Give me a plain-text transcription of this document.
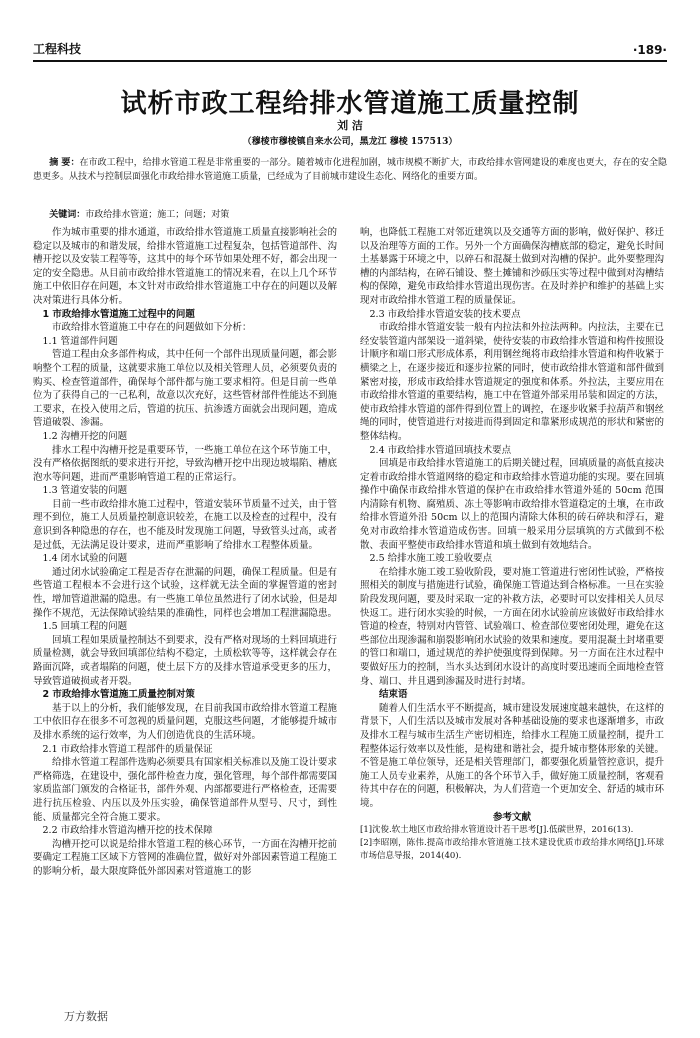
工程科技	·189·
试析市政工程给排水管道施工质量控制
刘 洁
（穆棱市穆棱镇自来水公司，黑龙江 穆棱 157513）
摘 要：在市政工程中，给排水管道工程是非常重要的一部分。随着城市化进程加剧，城市规模不断扩大，市政给排水管网建设的难度也更大，存在的安全隐患更多。从技术与控制层面强化市政给排水管道施工质量，已经成为了目前城市建设生态化、网络化的重要方面。
关键词：市政给排水管道；施工；问题；对策

作为城市重要的排水通道，市政给排水管道施工质量直接影响社会的稳定以及城市的和谐发展，给排水管道施工过程复杂，包括管道部件、沟槽开挖以及安装工程等等，这其中的每个环节如果处理不好，都会出现一定的安全隐患。从目前市政给排水管道施工的情况来看，在以上几个环节施工中依旧存在问题，本文针对市政给排水管道施工中存在的问题以及解决对策进行具体分析。

1 市政给排水管道施工过程中的问题

市政给排水管道施工中存在的问题做如下分析：

1.1 管道部件问题

管道工程由众多部件构成，其中任何一个部件出现质量问题，都会影响整个工程的质量，这就要求施工单位以及相关管理人员，必须要负责的购买、检查管道部件，确保每个部件都与施工要求相符。但是目前一些单位为了获得自己的一己私利，故意以次充好，这些管材部件性能达不到施工要求，在投入使用之后，管道的抗压、抗渗透方面就会出现问题，造成管道破裂、渗漏。

1.2 沟槽开挖的问题

排水工程中沟槽开挖是重要环节，一些施工单位在这个环节施工中，没有严格依据图纸的要求进行开挖，导致沟槽开挖中出现边坡塌陷、槽底泡水等问题，进而严重影响管道工程的正常运行。

1.3 管道安装的问题

目前一些市政给排水施工过程中，管道安装环节质量不过关，由于管理不到位，施工人员质量控制意识较差，在施工以及检查的过程中，没有意识到各种隐患的存在，也不能及时发现施工问题，导致管头过高，或者是过低，无法满足设计要求，进而严重影响了给排水工程整体质量。

1.4 闭水试验的问题

通过闭水试验确定工程是否存在泄漏的问题，确保工程质量。但是有些管道工程根本不会进行这个试验，这样就无法全面的掌握管道的密封性，增加管道泄漏的隐患。有一些施工单位虽然进行了闭水试验，但是却操作不规范，无法保障试验结果的准确性，同样也会增加工程泄漏隐患。

1.5 回填工程的问题

回填工程如果质量控制达不到要求，没有严格对现场的土料回填进行质量检测，就会导致回填部位结构不稳定，土质松软等等，这样就会存在路面沉降，或者塌陷的问题，使土层下方的及排水管道承受更多的压力，导致管道破损或者开裂。

2 市政给排水管道施工质量控制对策

基于以上的分析，我们能够发现，在目前我国市政给排水管道工程施工中依旧存在很多不可忽视的质量问题，克服这些问题，才能够提升城市及排水系统的运行效率，为人们创造优良的生活环境。

2.1 市政给排水管道工程部件的质量保证

给排水管道工程部件选购必须要具有国家相关标准以及施工设计要求严格筛选，在建设中，强化部件检查力度，强化管理，每个部件都需要国家质监部门颁发的合格证书，部件外观、内部都要进行严格检查，还需要进行抗压检验、内压以及外压实验，确保管道部件从型号、尺寸，到性能、质量都完全符合施工要求。

2.2 市政给排水管道沟槽开挖的技术保障

沟槽开挖可以说是给排水管道工程的核心环节，一方面在沟槽开挖前要确定工程施工区域下方管网的准确位置，做好对外部因素管道工程施工的影响分析，最大限度降低外部因素对管道施工的影

响，也降低工程施工对邻近建筑以及交通等方面的影响，做好保护、移迁以及治理等方面的工作。另外一个方面确保沟槽底部的稳定，避免长时间土基暴露于环境之中，以碎石和混凝土做到对沟槽的保护。此外要整理沟槽的内部结构，在碎石铺设、整土摊铺和沙砾压实等过程中做到对沟槽结构的保障，避免市政给排水管道出现伤害。在及时养护和维护的基础上实现对市政给排水管道工程的质量保证。

2.3 市政给排水管道安装的技术要点

市政给排水管道安装一般有内拉法和外拉法两种。内拉法，主要在已经安装管道内部架设一道斜梁，使待安装的市政给排水管道和构件按照设计顺序和端口形式形成体系，利用钢丝绳将市政给排水管道和构件收紧于横梁之上，在逐步接近和逐步拉紧的同时，使市政给排水管道和部件做到紧密对接，形成市政给排水管道规定的强度和体系。外拉法，主要应用在市政给排水管道的重要结构，施工中在管道外部采用吊装和固定的方法，使市政给排水管道的部件得到位置上的调控，在逐步收紧手拉葫芦和钢丝绳的同时，使管道进行对接进而得到固定和靠紧形成规范的形状和紧密的整体结构。

2.4 市政给排水管道回填技术要点

回填是市政给排水管道施工的后期关键过程，回填质量的高低直接决定着市政给排水管道网络的稳定和市政给排水管道功能的实现。要在回填操作中确保市政给排水管道的保护在市政给排水管道外延的 50cm 范围内清除有机物、腐殖质、冻土等影响市政给排水管道稳定的土壤，在市政给排水管道外沿 50cm 以上的范围内清除大体积的砖石碎块和浮石，避免对市政给排水管道造成伤害。回填一般采用分层填筑的方式做到不松散、表面平整使市政给排水管道和填土做到有效地结合。

2.5 给排水施工竣工验收要点

在给排水施工竣工验收阶段，要对施工管道进行密闭性试验，严格按照相关的制度与措施进行试验，确保施工管道达到合格标准。一旦在实验阶段发现问题，要及时采取一定的补救方法，必要时可以安排相关人员尽快返工。进行闭水实验的时候，一方面在闭水试验前应该做好市政给排水管道的检查，特别对内管管、试验端口、检查部位要密闭处理，避免在这些部位出现渗漏和崩裂影响闭水试验的效果和速度。要用混凝土封堵重要的管口和端口，通过规范的养护使强度得到保障。另一方面在注水过程中要做好压力的控制，当水头达到闭水设计的高度时要迅速而全面地检查管身、端口、井且遇到渗漏及时进行封堵。

结束语

随着人们生活水平不断提高，城市建设发展速度越来越快，在这样的背景下，人们生活以及城市发展对各种基础设施的要求也逐渐增多，市政及排水工程与城市生活生产密切相连，给排水工程施工质量控制，提升工程整体运行效率以及性能，是构建和谐社会，提升城市整体形象的关键。不管是施工单位领导，还是相关管理部门，都要强化质量管控意识，提升施工人员专业素养，从施工的各个环节入手，做好施工质量控制，客观看待其中存在的问题，积极解决，为人们营造一个更加安全、舒适的城市环境。

参考文献

[1]沈俊.软土地区市政给排水管道设计若干思考[J].低碳世界，2016(13).

[2]李昭刚，陈伟.提高市政给排水管道施工技术建设优质市政给排水网络[J].环球市场信息导报，2014(40).

万方数据
